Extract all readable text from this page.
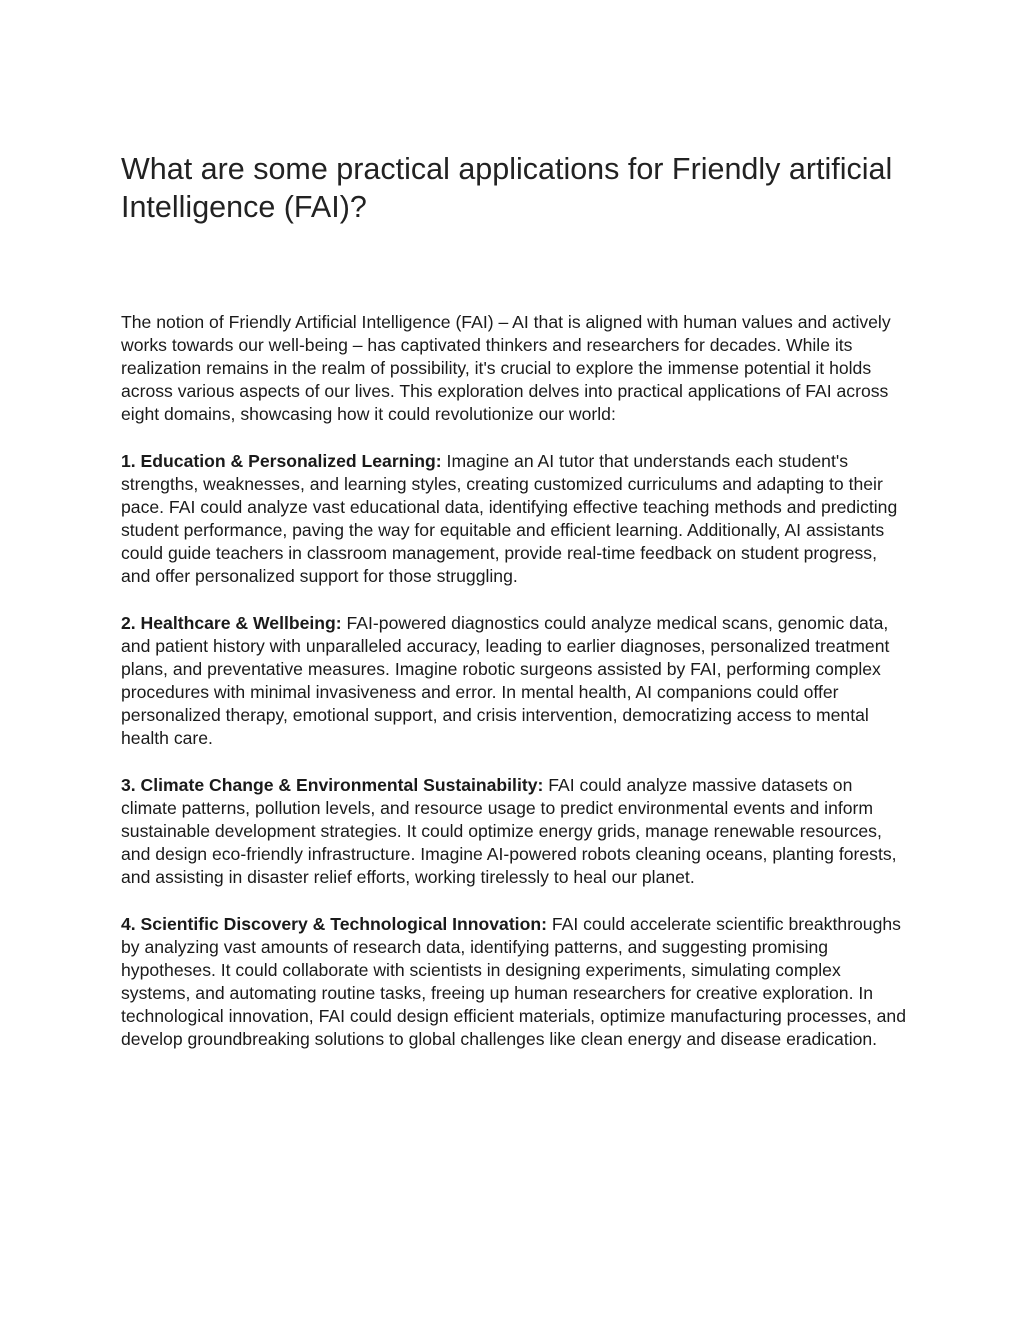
What are some practical applications for Friendly artificial Intelligence (FAI)?

The notion of Friendly Artificial Intelligence (FAI) – AI that is aligned with human values and actively works towards our well-being – has captivated thinkers and researchers for decades. While its realization remains in the realm of possibility, it's crucial to explore the immense potential it holds across various aspects of our lives. This exploration delves into practical applications of FAI across eight domains, showcasing how it could revolutionize our world:

1. Education & Personalized Learning: Imagine an AI tutor that understands each student's strengths, weaknesses, and learning styles, creating customized curriculums and adapting to their pace. FAI could analyze vast educational data, identifying effective teaching methods and predicting student performance, paving the way for equitable and efficient learning. Additionally, AI assistants could guide teachers in classroom management, provide real-time feedback on student progress, and offer personalized support for those struggling.

2. Healthcare & Wellbeing: FAI-powered diagnostics could analyze medical scans, genomic data, and patient history with unparalleled accuracy, leading to earlier diagnoses, personalized treatment plans, and preventative measures. Imagine robotic surgeons assisted by FAI, performing complex procedures with minimal invasiveness and error. In mental health, AI companions could offer personalized therapy, emotional support, and crisis intervention, democratizing access to mental health care.

3. Climate Change & Environmental Sustainability: FAI could analyze massive datasets on climate patterns, pollution levels, and resource usage to predict environmental events and inform sustainable development strategies. It could optimize energy grids, manage renewable resources, and design eco-friendly infrastructure. Imagine AI-powered robots cleaning oceans, planting forests, and assisting in disaster relief efforts, working tirelessly to heal our planet.

4. Scientific Discovery & Technological Innovation: FAI could accelerate scientific breakthroughs by analyzing vast amounts of research data, identifying patterns, and suggesting promising hypotheses. It could collaborate with scientists in designing experiments, simulating complex systems, and automating routine tasks, freeing up human researchers for creative exploration. In technological innovation, FAI could design efficient materials, optimize manufacturing processes, and develop groundbreaking solutions to global challenges like clean energy and disease eradication.
